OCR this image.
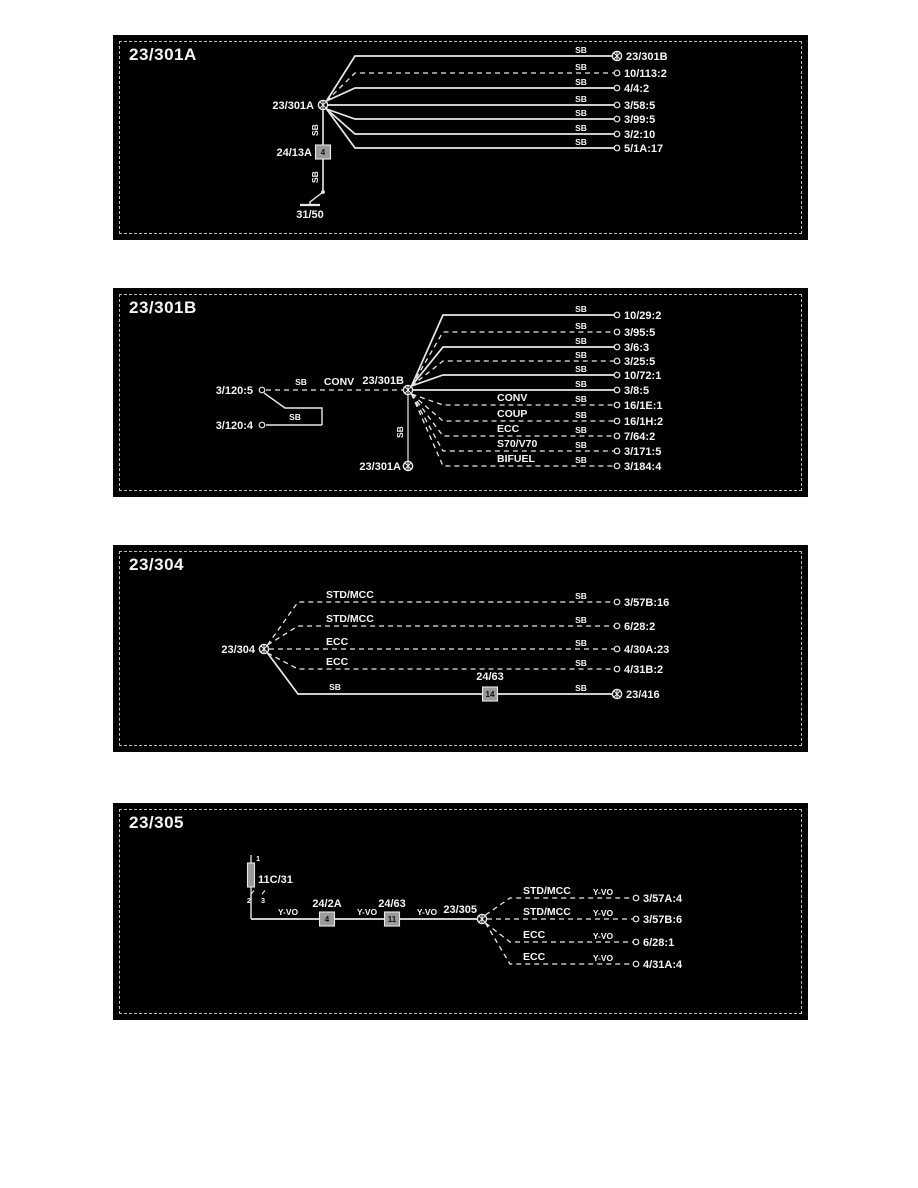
23/301A	SB
23/301B
SB
10/113:2
SB
4/4:2
SB
3/58:5
SB
3/99:5
SB
3/2:10
SB
5/1A:17
23/301A
SB
4
24/13A
SB
31/50
23/301B	SB
10/29:2
SB
3/95:5
SB
3/6:3
SB
3/25:5
SB
10/72:1
SB
3/8:5
CONV	SB
16/1E:1
COUP	SB
16/1H:2
ECC	SB
7/64:2
S70/V70	SB
3/171:5
BIFUEL	SB
3/184:4
23/301B
3/120:5
SB CONV
3/120:4
SB
SB
23/301A
23/304
STD/MCC	SB
3/57B:16
STD/MCC	SB
6/28:2
ECC	SB
4/30A:23
ECC	SB
4/31B:2
SB
23/416
23/304
SB
14
24/63
23/305
STD/MCC	Y-VO
3/57A:4
STD/MCC	Y-VO
3/57B:6
ECC	Y-VO
6/28:1
ECC	Y-VO
4/31A:4
23/305
1
11C/31
2 3
Y-VO	Y-VO	Y-VO
4
24/2A
11
24/63
